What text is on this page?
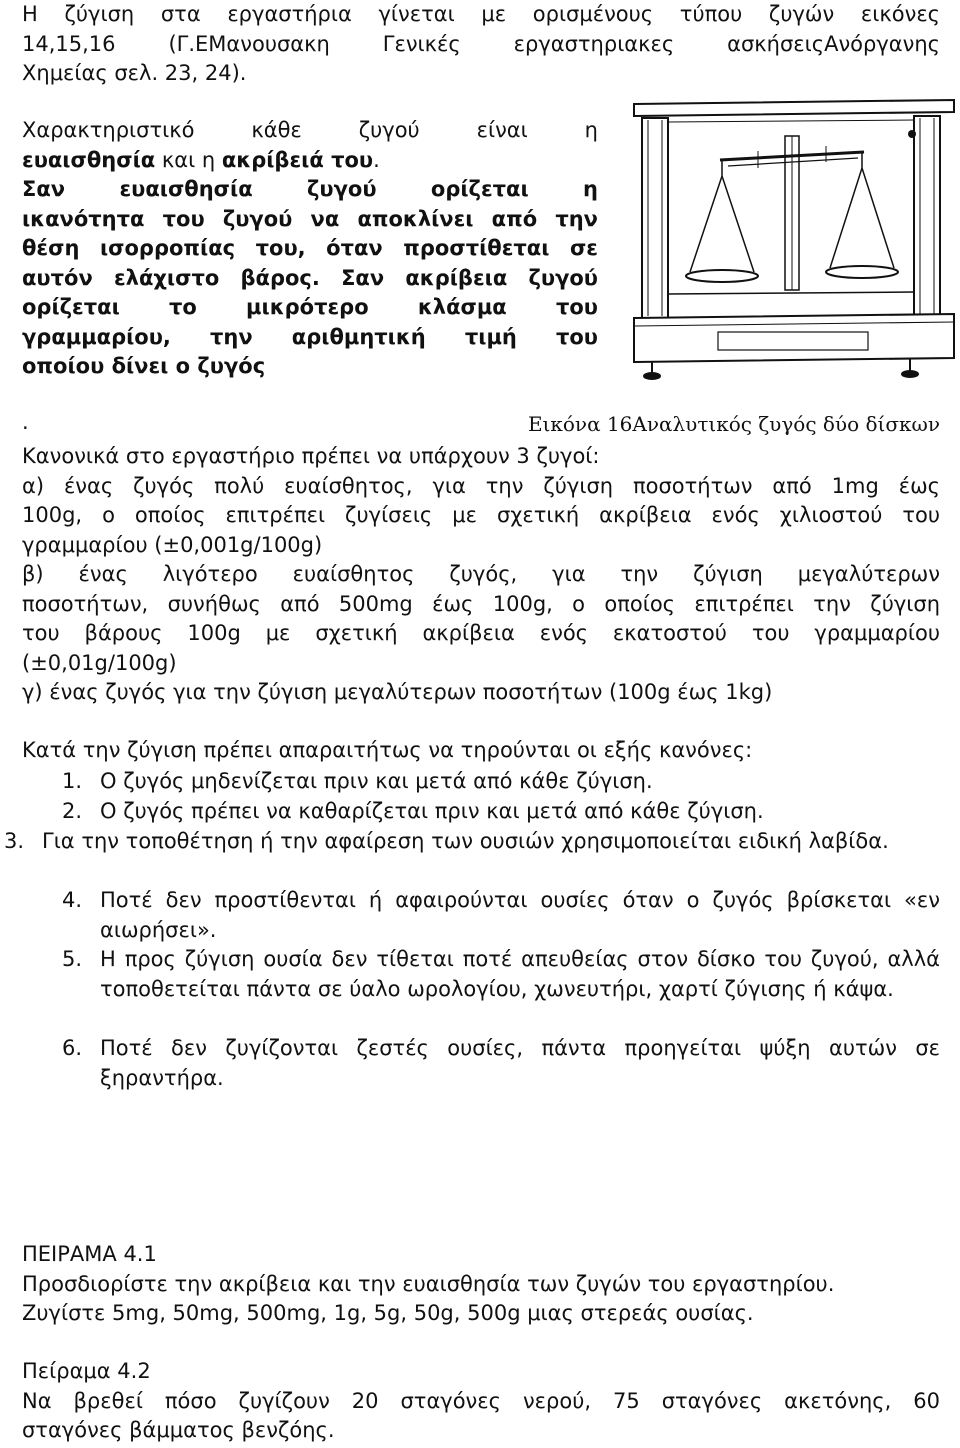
Η ζύγιση στα εργαστήρια γίνεται με ορισμένους τύπου ζυγών εικόνες
14,15,16 (Γ.ΕΜανουσακη Γενικές εργαστηριακες ασκήσειςΑνόργανης
Χημείας σελ. 23, 24).
Χαρακτηριστικό κάθε ζυγού είναι η
ευαισθησία και η ακρίβειά του.
Σαν ευαισθησία ζυγού ορίζεται η
ικανότητα του ζυγού να αποκλίνει από την
θέση ισορροπίας του, όταν προστίθεται σε
αυτόν ελάχιστο βάρος. Σαν ακρίβεια ζυγού
ορίζεται το μικρότερο κλάσμα του
γραμμαρίου, την αριθμητική τιμή του
οποίου δίνει ο ζυγός
.	Εικόνα 16Αναλυτικός ζυγός δύο δίσκων
Κανονικά στο εργαστήριο πρέπει να υπάρχουν 3 ζυγοί:
α) ένας ζυγός πολύ ευαίσθητος, για την ζύγιση ποσοτήτων από 1mg έως
100g, ο οποίος επιτρέπει ζυγίσεις με σχετική ακρίβεια ενός χιλιοστού του
γραμμαρίου (±0,001g/100g)
β) ένας λιγότερο ευαίσθητος ζυγός, για την ζύγιση μεγαλύτερων
ποσοτήτων, συνήθως από 500mg έως 100g, ο οποίος επιτρέπει την ζύγιση
του βάρους 100g με σχετική ακρίβεια ενός εκατοστού του γραμμαρίου
(±0,01g/100g)
γ) ένας ζυγός για την ζύγιση μεγαλύτερων ποσοτήτων (100g έως 1kg)
Κατά την ζύγιση πρέπει απαραιτήτως να τηρούνται οι εξής κανόνες:
1. Ο ζυγός μηδενίζεται πριν και μετά από κάθε ζύγιση.
2. Ο ζυγός πρέπει να καθαρίζεται πριν και μετά από κάθε ζύγιση.
3. Για την τοποθέτηση ή την αφαίρεση των ουσιών χρησιμοποιείται ειδική λαβίδα.
4. Ποτέ δεν προστίθενται ή αφαιρούνται ουσίες όταν ο ζυγός βρίσκεται «εν αιωρήσει».
5. Η προς ζύγιση ουσία δεν τίθεται ποτέ απευθείας στον δίσκο του ζυγού, αλλά τοποθετείται πάντα σε ύαλο ωρολογίου, χωνευτήρι, χαρτί ζύγισης ή κάψα.
6. Ποτέ δεν ζυγίζονται ζεστές ουσίες, πάντα προηγείται ψύξη αυτών σε ξηραντήρα.
ΠΕΙΡΑΜΑ 4.1
Προσδιορίστε την ακρίβεια και την ευαισθησία των ζυγών του εργαστηρίου.
Ζυγίστε 5mg, 50mg, 500mg, 1g, 5g, 50g, 500g μιας στερεάς ουσίας.
Πείραμα 4.2
Να βρεθεί πόσο ζυγίζουν 20 σταγόνες νερού, 75 σταγόνες ακετόνης, 60
σταγόνες βάμματος βενζόης.
